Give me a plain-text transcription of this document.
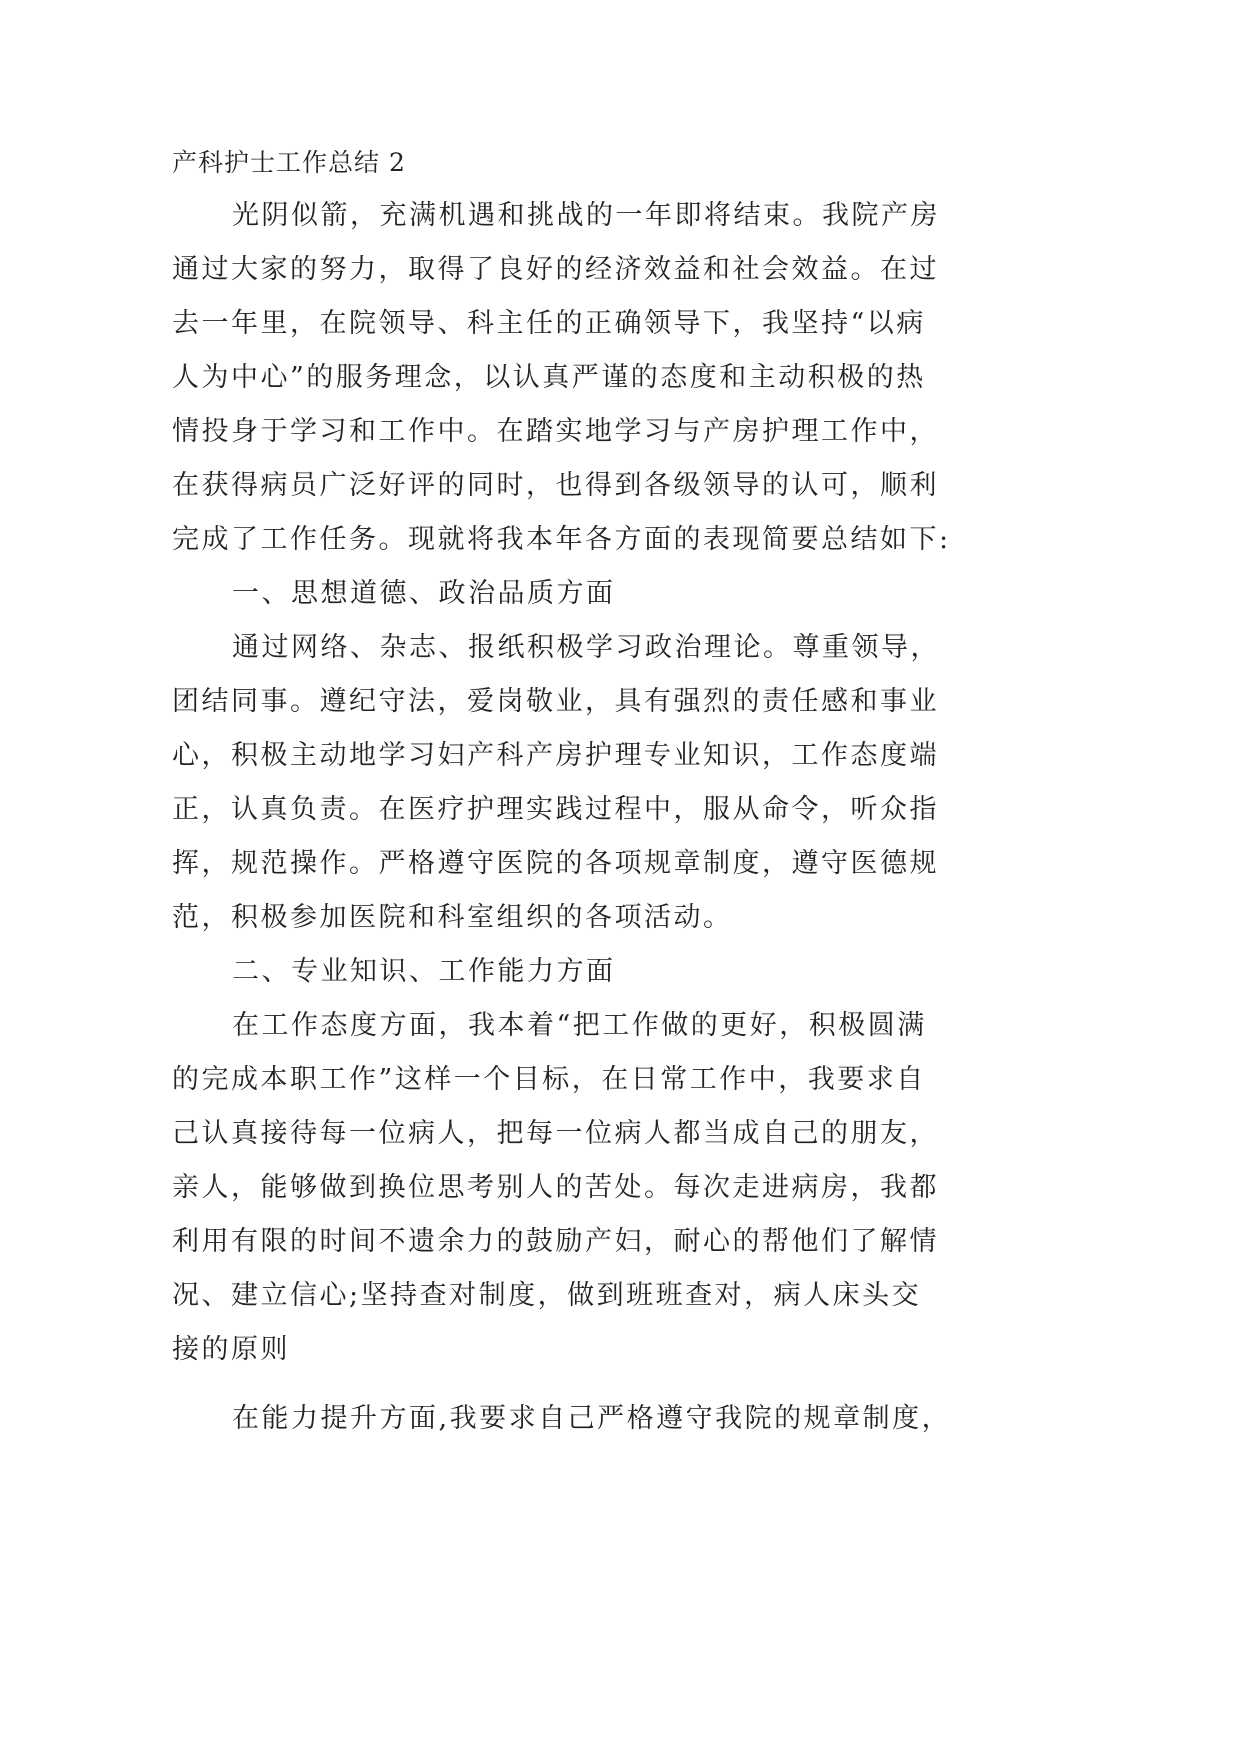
产科护士工作总结 2
光阴似箭，充满机遇和挑战的一年即将结束。我院产房
通过大家的努力，取得了良好的经济效益和社会效益。在过
去一年里，在院领导、科主任的正确领导下，我坚持“以病
人为中心”的服务理念，以认真严谨的态度和主动积极的热
情投身于学习和工作中。在踏实地学习与产房护理工作中，
在获得病员广泛好评的同时，也得到各级领导的认可，顺利
完成了工作任务。现就将我本年各方面的表现简要总结如下:
一、思想道德、政治品质方面
通过网络、杂志、报纸积极学习政治理论。尊重领导，
团结同事。遵纪守法，爱岗敬业，具有强烈的责任感和事业
心，积极主动地学习妇产科产房护理专业知识，工作态度端
正，认真负责。在医疗护理实践过程中，服从命令，听众指
挥，规范操作。严格遵守医院的各项规章制度，遵守医德规
范，积极参加医院和科室组织的各项活动。
二、专业知识、工作能力方面
在工作态度方面，我本着“把工作做的更好，积极圆满
的完成本职工作”这样一个目标，在日常工作中，我要求自
己认真接待每一位病人，把每一位病人都当成自己的朋友，
亲人，能够做到换位思考别人的苦处。每次走进病房，我都
利用有限的时间不遗余力的鼓励产妇，耐心的帮他们了解情
况、建立信心;坚持查对制度，做到班班查对，病人床头交
接的原则
在能力提升方面,我要求自己严格遵守我院的规章制度，
